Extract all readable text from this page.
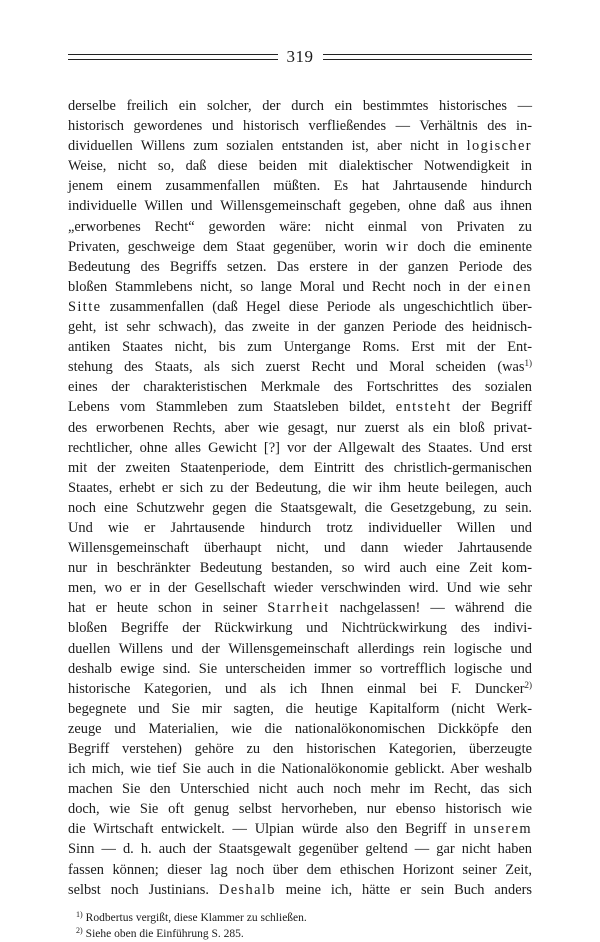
319

derselbe freilich ein solcher, der durch ein bestimmtes historisches —
historisch gewordenes und historisch verfließendes — Verhältnis des in-
dividuellen Willens zum sozialen entstanden ist, aber nicht in logischer
Weise, nicht so, daß diese beiden mit dialektischer Notwendigkeit in
jenem einem zusammenfallen müßten. Es hat Jahrtausende hindurch
individuelle Willen und Willensgemeinschaft gegeben, ohne daß aus ihnen
„erworbenes Recht“ geworden wäre: nicht einmal von Privaten zu
Privaten, geschweige dem Staat gegenüber, worin wir doch die eminente
Bedeutung des Begriffs setzen. Das erstere in der ganzen Periode des
bloßen Stammlebens nicht, so lange Moral und Recht noch in der einen
Sitte zusammenfallen (daß Hegel diese Periode als ungeschichtlich über-
geht, ist sehr schwach), das zweite in der ganzen Periode des heidnisch-
antiken Staates nicht, bis zum Untergange Roms. Erst mit der Ent-
stehung des Staats, als sich zuerst Recht und Moral scheiden (was$^{1)}$
eines der charakteristischen Merkmale des Fortschrittes des sozialen
Lebens vom Stammleben zum Staatsleben bildet, entsteht der Begriff
des erworbenen Rechts, aber wie gesagt, nur zuerst als ein bloß privat-
rechtlicher, ohne alles Gewicht [?] vor der Allgewalt des Staates. Und erst
mit der zweiten Staatenperiode, dem Eintritt des christlich-germanischen
Staates, erhebt er sich zu der Bedeutung, die wir ihm heute beilegen, auch
noch eine Schutzwehr gegen die Staatsgewalt, die Gesetzgebung, zu sein.
Und wie er Jahrtausende hindurch trotz individueller Willen und
Willensgemeinschaft überhaupt nicht, und dann wieder Jahrtausende
nur in beschränkter Bedeutung bestanden, so wird auch eine Zeit kom-
men, wo er in der Gesellschaft wieder verschwinden wird. Und wie sehr
hat er heute schon in seiner Starrheit nachgelassen! — während die
bloßen Begriffe der Rückwirkung und Nichtrückwirkung des indivi-
duellen Willens und der Willensgemeinschaft allerdings rein logische und
deshalb ewige sind. Sie unterscheiden immer so vortrefflich logische und
historische Kategorien, und als ich Ihnen einmal bei F. Duncker$^{2)}$
begegnete und Sie mir sagten, die heutige Kapitalform (nicht Werk-
zeuge und Materialien, wie die nationalökonomischen Dickköpfe den
Begriff verstehen) gehöre zu den historischen Kategorien, überzeugte
ich mich, wie tief Sie auch in die Nationalökonomie geblickt. Aber weshalb
machen Sie den Unterschied nicht auch noch mehr im Recht, das sich
doch, wie Sie oft genug selbst hervorheben, nur ebenso historisch wie
die Wirtschaft entwickelt. — Ulpian würde also den Begriff in unserem
Sinn — d. h. auch der Staatsgewalt gegenüber geltend — gar nicht haben
fassen können; dieser lag noch über dem ethischen Horizont seiner Zeit,
selbst noch Justinians. Deshalb meine ich, hätte er sein Buch anders

$^{1)}$ Rodbertus vergißt, diese Klammer zu schließen.
$^{2)}$ Siehe oben die Einführung S. 285.
